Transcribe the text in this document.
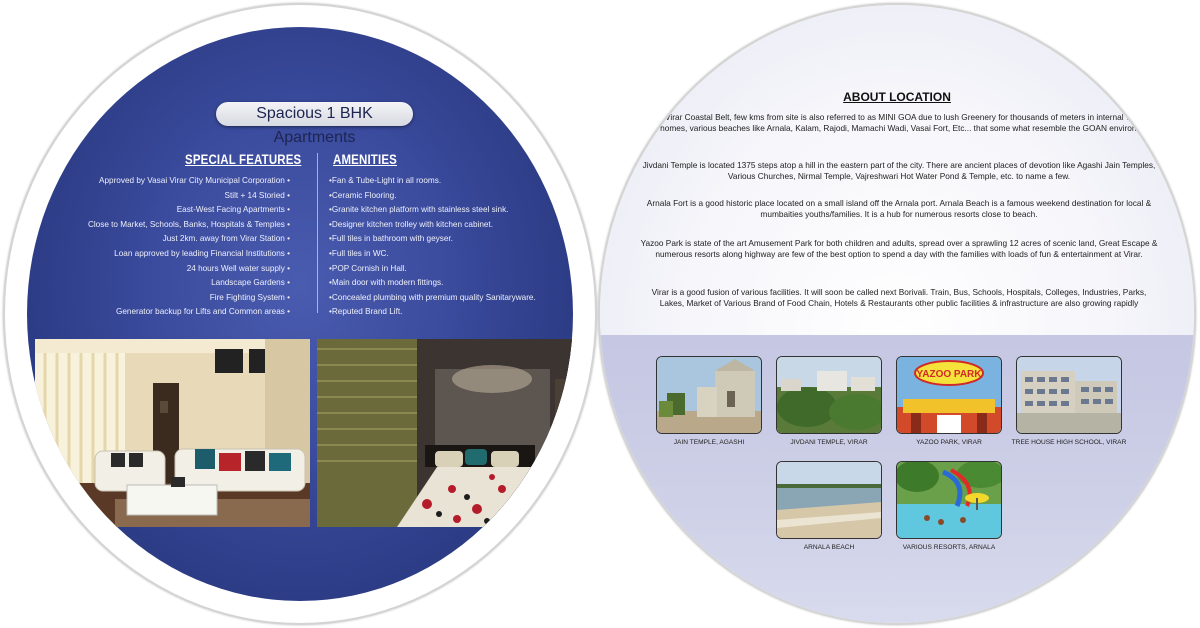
Spacious 1 BHK Apartments
SPECIAL FEATURES AMENITIES
Approved by Vasai Virar City Municipal Corporation •
Stilt + 14 Storied •
East-West Facing Apartments •
Close to Market, Schools, Banks, Hospitals & Temples •
Just 2km. away from Virar Station •
Loan approved by leading Financial Institutions •
24 hours Well water supply •
Landscape Gardens •
Fire Fighting System •
Generator backup for Lifts and Common areas •
• Fan & Tube-Light in all rooms.
• Ceramic Flooring.
• Granite kitchen platform with stainless steel sink.
• Designer kitchen trolley with kitchen cabinet.
• Full tiles in bathroom with geyser.
• Full tiles in WC.
• POP Cornish in Hall.
• Main door with modern fittings.
• Concealed plumbing with premium quality Sanitaryware.
• Reputed Brand Lift.
ABOUT LOCATION
Vasai-Virar Coastal Belt, few kms from site is also referred to as MINI GOA due to lush Greenery for thousands of meters in internal villages, local homes, various beaches like Arnala, Kalam, Rajodi, Mamachi Wadi, Vasai Fort, Etc... that some what resemble the GOAN environment.
Jivdani Temple is located 1375 steps atop a hill in the eastern part of the city. There are ancient places of devotion like Agashi Jain Temples, Various Churches, Nirmal Temple, Vajreshwari Hot Water Pond & Temple, etc. to name a few.
Arnala Fort is a good historic place located on a small island off the Arnala port. Arnala Beach is a famous weekend destination for local & mumbaities youths/families. It is a hub for numerous resorts close to beach.
Yazoo Park is state of the art Amusement Park for both children and adults, spread over a sprawling 12 acres of scenic land, Great Escape & numerous resorts along highway are few of the best option to spend a day with the families with loads of fun & entertainment at Virar.
Virar is a good fusion of various facilities. It will soon be called next Borivali. Train, Bus, Schools, Hospitals, Colleges, Industries, Parks, Lakes, Market of Various Brand of Food Chain, Hotels & Restaurants other public facilities & infrastructure are also growing rapidly
JAIN TEMPLE, AGASHI	JIVDANI TEMPLE, VIRAR
YAZOO PARK
YAZOO PARK, VIRAR	TREE HOUSE HIGH SCHOOL, VIRAR
ARNALA BEACH	VARIOUS RESORTS, ARNALA
